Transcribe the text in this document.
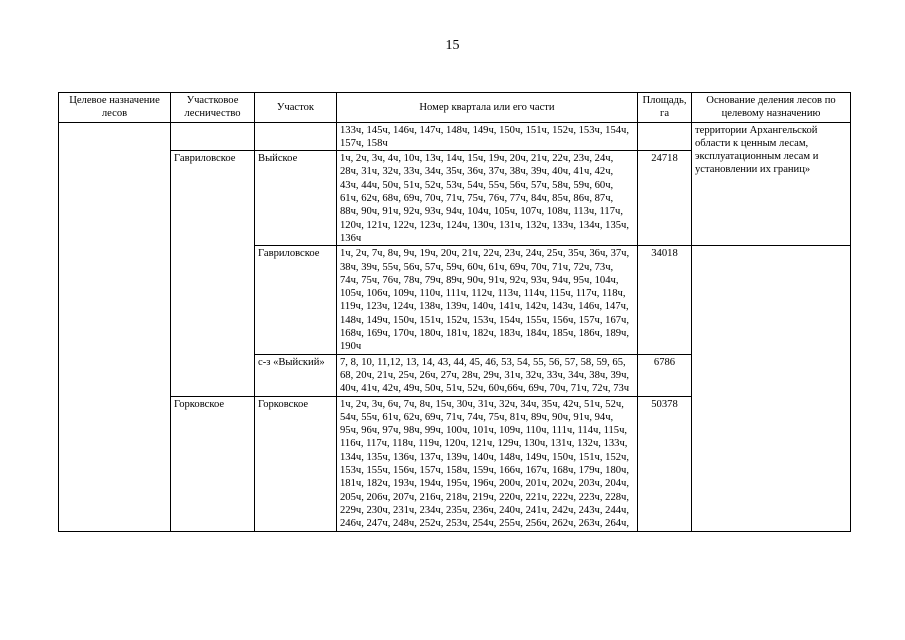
15
Целевое назначение лесов	Участковое лесничество	Участок	Номер квартала или его части	Площадь, га	Основание деления лесов по целевому назначению
			133ч, 145ч, 146ч, 147ч, 148ч, 149ч, 150ч, 151ч, 152ч, 153ч, 154ч, 157ч, 158ч		территории Архангельской области к ценным лесам, эксплуатационным лесам и установлении их границ»
	Гавриловское	Выйское	1ч, 2ч, 3ч, 4ч, 10ч, 13ч, 14ч, 15ч, 19ч, 20ч, 21ч, 22ч, 23ч, 24ч, 28ч, 31ч, 32ч, 33ч, 34ч, 35ч, 36ч, 37ч, 38ч, 39ч, 40ч, 41ч, 42ч, 43ч, 44ч, 50ч, 51ч, 52ч, 53ч, 54ч, 55ч, 56ч, 57ч, 58ч, 59ч, 60ч, 61ч, 62ч, 68ч, 69ч, 70ч, 71ч, 75ч, 76ч, 77ч, 84ч, 85ч, 86ч, 87ч, 88ч, 90ч, 91ч, 92ч, 93ч, 94ч, 104ч, 105ч, 107ч, 108ч, 113ч, 117ч, 120ч, 121ч, 122ч, 123ч, 124ч, 130ч, 131ч, 132ч, 133ч, 134ч, 135ч, 136ч	24718	
		Гавриловское	1ч, 2ч, 7ч, 8ч, 9ч, 19ч, 20ч, 21ч, 22ч, 23ч, 24ч, 25ч, 35ч, 36ч, 37ч, 38ч, 39ч, 55ч, 56ч, 57ч, 59ч, 60ч, 61ч, 69ч, 70ч, 71ч, 72ч, 73ч, 74ч, 75ч, 76ч, 78ч, 79ч, 89ч, 90ч, 91ч, 92ч, 93ч, 94ч, 95ч, 104ч, 105ч, 106ч, 109ч, 110ч, 111ч, 112ч, 113ч, 114ч, 115ч, 117ч, 118ч, 119ч, 123ч, 124ч, 138ч, 139ч, 140ч, 141ч, 142ч, 143ч, 146ч, 147ч, 148ч, 149ч, 150ч, 151ч, 152ч, 153ч, 154ч, 155ч, 156ч, 157ч, 167ч, 168ч, 169ч, 170ч, 180ч, 181ч, 182ч, 183ч, 184ч, 185ч, 186ч, 189ч, 190ч	34018	
		с-з «Выйский»	7, 8, 10, 11,12, 13, 14, 43, 44, 45, 46, 53, 54, 55, 56, 57, 58, 59, 65, 68, 20ч, 21ч, 25ч, 26ч, 27ч, 28ч, 29ч, 31ч, 32ч, 33ч, 34ч, 38ч, 39ч, 40ч, 41ч, 42ч, 49ч, 50ч, 51ч, 52ч, 60ч,66ч, 69ч, 70ч, 71ч, 72ч, 73ч	6786	
	Горковское	Горковское	1ч, 2ч, 3ч, 6ч, 7ч, 8ч, 15ч, 30ч, 31ч, 32ч, 34ч, 35ч, 42ч, 51ч, 52ч, 54ч, 55ч, 61ч, 62ч, 69ч, 71ч, 74ч, 75ч, 81ч, 89ч, 90ч, 91ч, 94ч, 95ч, 96ч, 97ч, 98ч, 99ч, 100ч, 101ч, 109ч, 110ч, 111ч, 114ч, 115ч, 116ч, 117ч, 118ч, 119ч, 120ч, 121ч, 129ч, 130ч, 131ч, 132ч, 133ч, 134ч, 135ч, 136ч, 137ч, 139ч, 140ч, 148ч, 149ч, 150ч, 151ч, 152ч, 153ч, 155ч, 156ч, 157ч, 158ч, 159ч, 166ч, 167ч, 168ч, 179ч, 180ч, 181ч, 182ч, 193ч, 194ч, 195ч, 196ч, 200ч, 201ч, 202ч, 203ч, 204ч, 205ч, 206ч, 207ч, 216ч, 218ч, 219ч, 220ч, 221ч, 222ч, 223ч, 228ч, 229ч, 230ч, 231ч, 234ч, 235ч, 236ч, 240ч, 241ч, 242ч, 243ч, 244ч, 246ч, 247ч, 248ч, 252ч, 253ч, 254ч, 255ч, 256ч, 262ч, 263ч, 264ч,	50378	
